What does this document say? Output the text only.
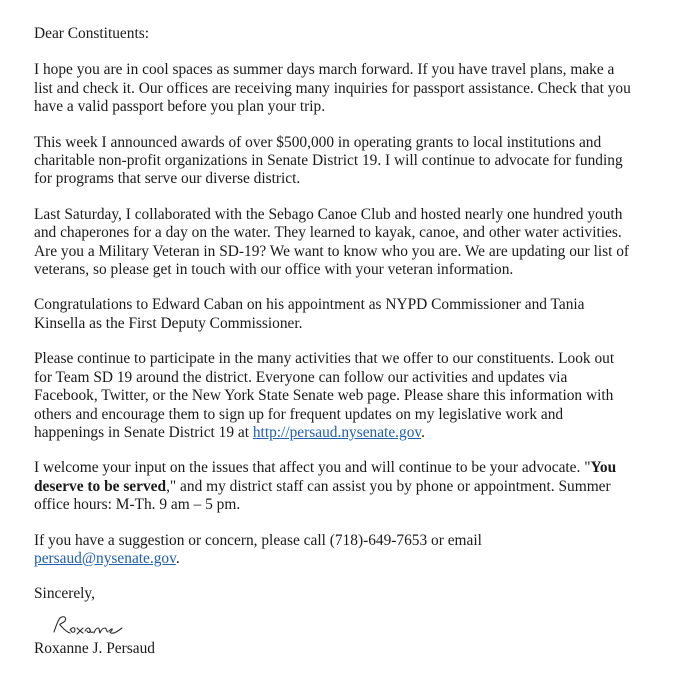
Dear Constituents:

I hope you are in cool spaces as summer days march forward. If you have travel plans, make a
list and check it. Our offices are receiving many inquiries for passport assistance. Check that you
have a valid passport before you plan your trip.

This week I announced awards of over $500,000 in operating grants to local institutions and
charitable non-profit organizations in Senate District 19. I will continue to advocate for funding
for programs that serve our diverse district.

Last Saturday, I collaborated with the Sebago Canoe Club and hosted nearly one hundred youth
and chaperones for a day on the water. They learned to kayak, canoe, and other water activities.
Are you a Military Veteran in SD-19? We want to know who you are. We are updating our list of
veterans, so please get in touch with our office with your veteran information.

Congratulations to Edward Caban on his appointment as NYPD Commissioner and Tania
Kinsella as the First Deputy Commissioner.

Please continue to participate in the many activities that we offer to our constituents. Look out
for Team SD 19 around the district. Everyone can follow our activities and updates via
Facebook, Twitter, or the New York State Senate web page. Please share this information with
others and encourage them to sign up for frequent updates on my legislative work and
happenings in Senate District 19 at http://persaud.nysenate.gov.

I welcome your input on the issues that affect you and will continue to be your advocate. "You
deserve to be served," and my district staff can assist you by phone or appointment. Summer
office hours: M-Th. 9 am – 5 pm.

If you have a suggestion or concern, please call (718)-649-7653 or email
persaud@nysenate.gov.

Sincerely,
Roxanne J. Persaud
